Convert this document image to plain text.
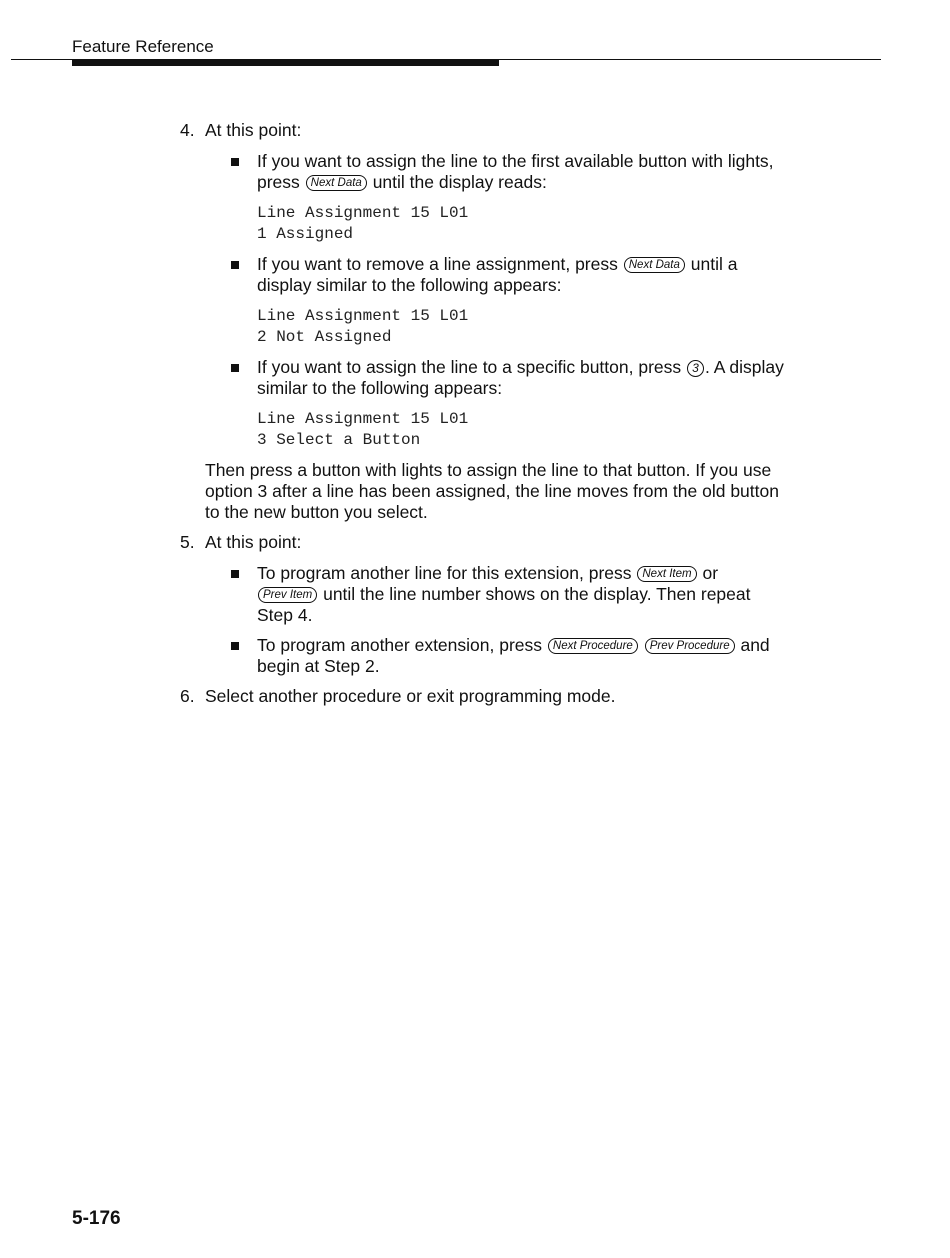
Feature Reference
4. At this point:
If you want to assign the line to the first available button with lights,
press Next Data until the display reads:
Line Assignment 15 L01
1 Assigned
If you want to remove a line assignment, press Next Data until a
display similar to the following appears:
Line Assignment 15 L01
2 Not Assigned
If you want to assign the line to a specific button, press 3 . A display
similar to the following appears:
Line Assignment 15 L01
3 Select a Button
Then press a button with lights to assign the line to that button. If you use
option 3 after a line has been assigned, the line moves from the old button
to the new button you select.
5. At this point:
To program another line for this extension, press Next Item or
Prev Item until the line number shows on the display. Then repeat
Step 4.
To program another extension, press Next Procedure Prev Procedure and
begin at Step 2.
6. Select another procedure or exit programming mode.
5-176
